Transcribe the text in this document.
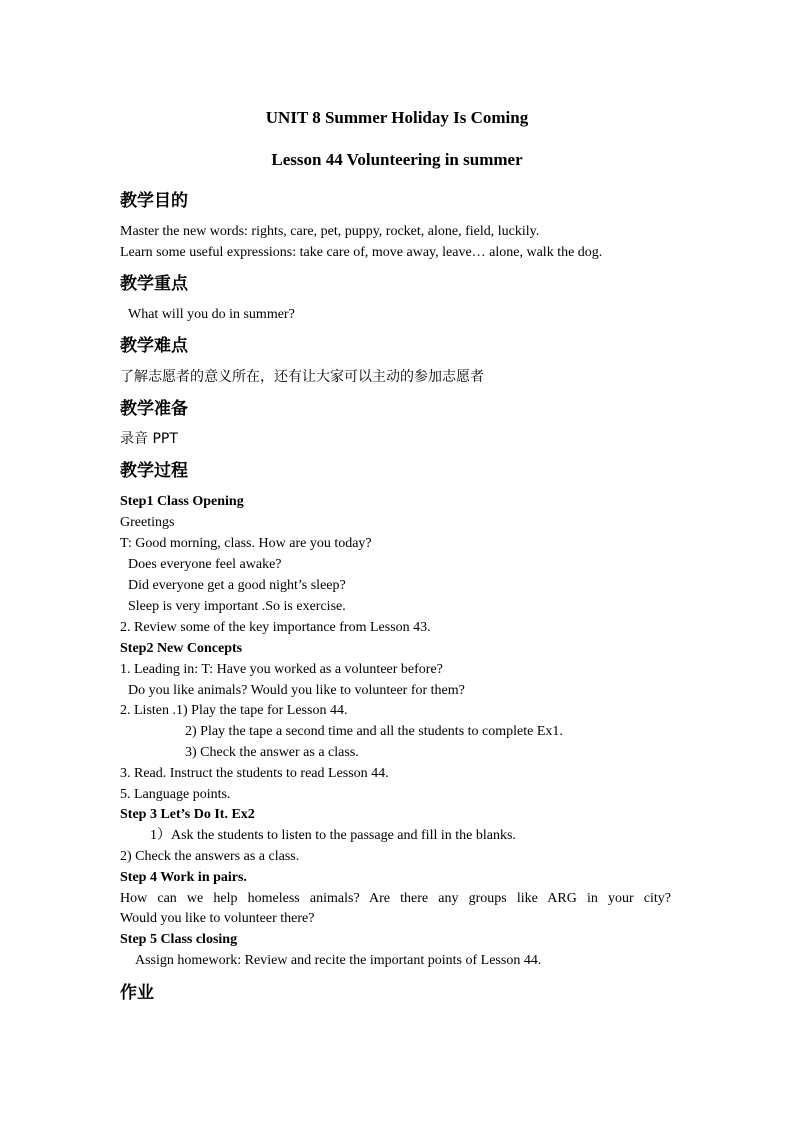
UNIT 8 Summer Holiday Is Coming
Lesson 44 Volunteering in summer
教学目的
Master the new words: rights, care, pet, puppy, rocket, alone, field, luckily.
Learn some useful expressions: take care of, move away, leave… alone, walk the dog.
教学重点
What will you do in summer?
教学难点
了解志愿者的意义所在，还有让大家可以主动的参加志愿者
教学准备
录音 PPT
教学过程
Step1 Class Opening
Greetings
T: Good morning, class. How are you today?
Does everyone feel awake?
Did everyone get a good night’s sleep?
Sleep is very important .So is exercise.
2. Review some of the key importance from Lesson 43.
Step2 New Concepts
1. Leading in: T: Have you worked as a volunteer before?
Do you like animals? Would you like to volunteer for them?
2. Listen .1) Play the tape for Lesson 44.
2) Play the tape a second time and all the students to complete Ex1.
3) Check the answer as a class.
3. Read. Instruct the students to read Lesson 44.
5. Language points.
Step 3 Let’s Do It. Ex2
1）Ask the students to listen to the passage and fill in the blanks.
2) Check the answers as a class.
Step 4 Work in pairs.
How can we help homeless animals? Are there any groups like ARG in your city?
Would you like to volunteer there?
Step 5 Class closing
Assign homework: Review and recite the important points of Lesson 44.
作业
